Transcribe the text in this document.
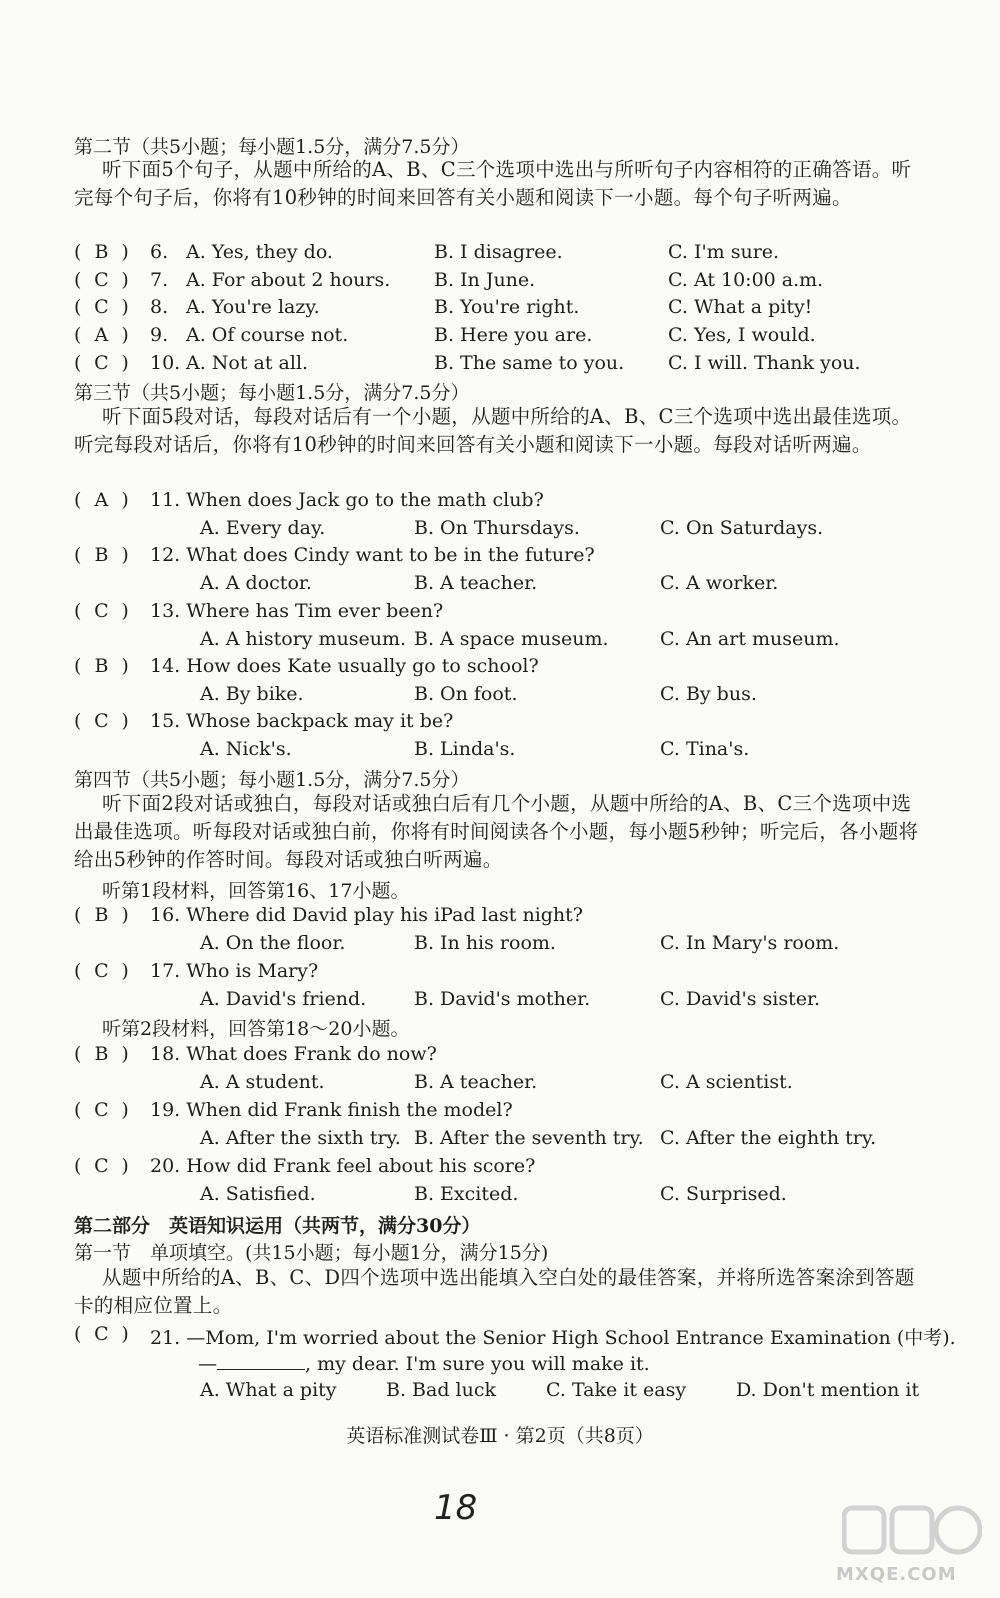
第二节（共5小题；每小题1.5分，满分7.5分）
听下面5个句子，从题中所给的A、B、C三个选项中选出与所听句子内容相符的正确答语。听完每个句子后，你将有10秒钟的时间来回答有关小题和阅读下一小题。每个句子听两遍。
( B ) 6. A. Yes, they do.	B. I disagree.	C. I'm sure.
( C ) 7. A. For about 2 hours. B. In June.	C. At 10:00 a.m.
( C ) 8. A. You're lazy.	B. You're right.	C. What a pity!
( A ) 9. A. Of course not.	B. Here you are.	C. Yes, I would.
( C ) 10. A. Not at all.	B. The same to you. C. I will. Thank you.
第三节（共5小题；每小题1.5分，满分7.5分）
听下面5段对话，每段对话后有一个小题，从题中所给的A、B、C三个选项中选出最佳选项。听完每段对话后，你将有10秒钟的时间来回答有关小题和阅读下一小题。每段对话听两遍。
( A ) 11. When does Jack go to the math club?
A. Every day.	B. On Thursdays.	C. On Saturdays.
( B ) 12. What does Cindy want to be in the future?
A. A doctor.	B. A teacher.	C. A worker.
( C ) 13. Where has Tim ever been?
A. A history museum. B. A space museum.	C. An art museum.
( B ) 14. How does Kate usually go to school?
A. By bike.	B. On foot.	C. By bus.
( C ) 15. Whose backpack may it be?
A. Nick's.	B. Linda's.	C. Tina's.
第四节（共5小题；每小题1.5分，满分7.5分）
听下面2段对话或独白，每段对话或独白后有几个小题，从题中所给的A、B、C三个选项中选出最佳选项。听每段对话或独白前，你将有时间阅读各个小题，每小题5秒钟；听完后，各小题将给出5秒钟的作答时间。每段对话或独白听两遍。
听第1段材料，回答第16、17小题。
听第2段材料，回答第18～20小题。
( B ) 16. Where did David play his iPad last night?
A. On the floor.	B. In his room.	C. In Mary's room.
( C ) 17. Who is Mary?
A. David's friend.	B. David's mother.	C. David's sister.
( B ) 18. What does Frank do now?
A. A student.	B. A teacher.	C. A scientist.
( C ) 19. When did Frank finish the model?
A. After the sixth try. B. After the seventh try. C. After the eighth try.
( C ) 20. How did Frank feel about his score?
A. Satisfied.	B. Excited.	C. Surprised.
第二部分　英语知识运用（共两节，满分30分）
第一节　单项填空。(共15小题；每小题1分，满分15分)
从题中所给的A、B、C、D四个选项中选出能填入空白处的最佳答案，并将所选答案涂到答题卡的相应位置上。
( C ) 21. —Mom, I'm worried about the Senior High School Entrance Examination (中考).
—	, my dear. I'm sure you will make it.
A. What a pity	B. Bad luck	C. Take it easy	D. Don't mention it
英语标准测试卷Ⅲ · 第2页（共8页）
18
MXQE.COM
